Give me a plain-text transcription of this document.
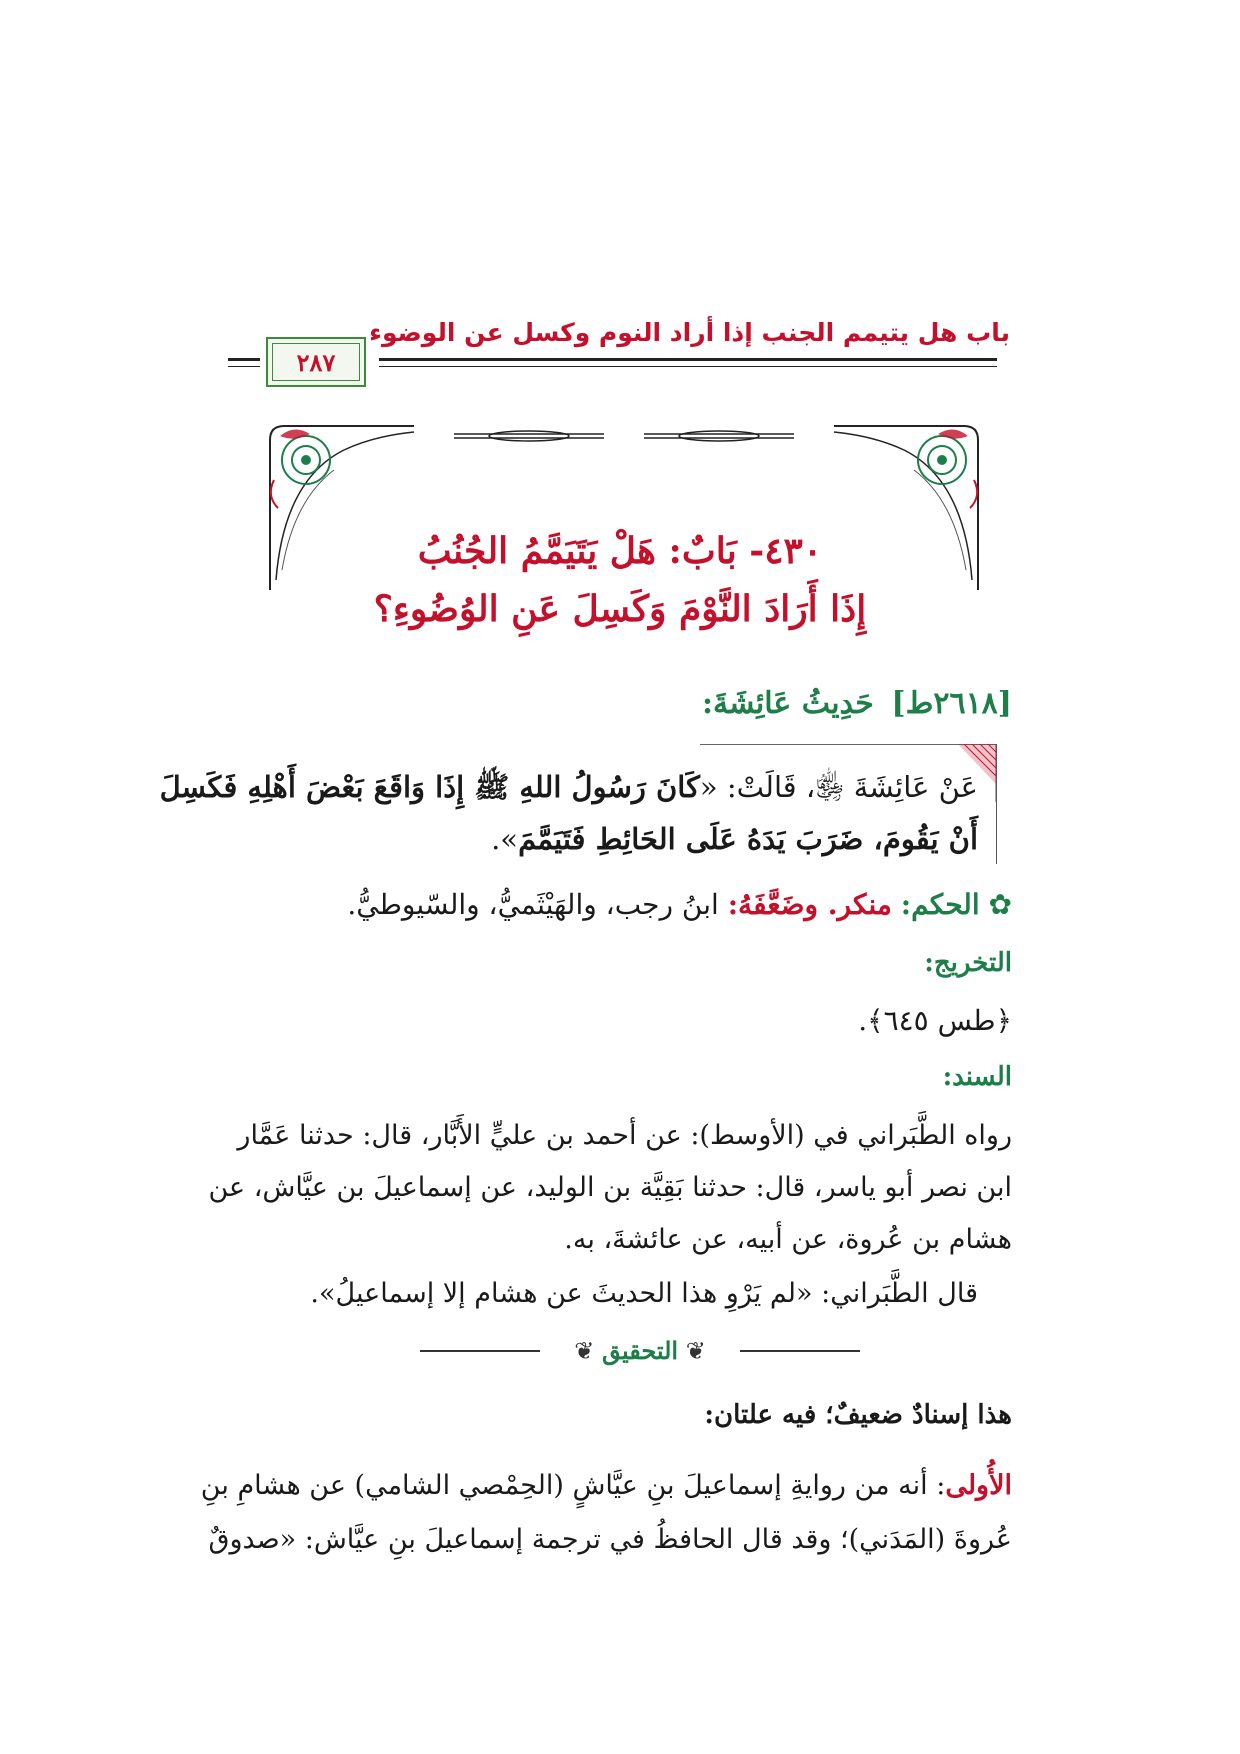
باب هل يتيمم الجنب إذا أراد النوم وكسل عن الوضوء
٢٨٧
٤٣٠- بَابٌ: هَلْ يَتَيَمَّمُ الجُنُبُ
إِذَا أَرَادَ النَّوْمَ وَكَسِلَ عَنِ الوُضُوءِ؟
[٢٦١٨ط] حَدِيثُ عَائِشَةَ:
عَنْ عَائِشَةَ ﵂، قَالَتْ: «كَانَ رَسُولُ اللهِ ﷺ إِذَا وَاقَعَ بَعْضَ أَهْلِهِ فَكَسِلَ
أَنْ يَقُومَ، ضَرَبَ يَدَهُ عَلَى الحَائِطِ فَتَيَمَّمَ».
✿ الحكم: منكر. وضَعَّفَهُ: ابنُ رجب، والهَيْثَميُّ، والسّيوطيُّ.
التخريج:
﴿طس ٦٤٥﴾.
السند:
رواه الطَّبَراني في (الأوسط): عن أحمد بن عليٍّ الأَبَّار، قال: حدثنا عَمَّار
ابن نصر أبو ياسر، قال: حدثنا بَقِيَّة بن الوليد، عن إسماعيلَ بن عيَّاش، عن
هشام بن عُروة، عن أبيه، عن عائشةَ، به.
قال الطَّبَراني: «لم يَرْوِ هذا الحديثَ عن هشام إلا إسماعيلُ».
❦ التحقيق ❦
هذا إسنادٌ ضعيفٌ؛ فيه علتان:
الأُولى: أنه من روايةِ إسماعيلَ بنِ عيَّاشٍ (الحِمْصي الشامي) عن هشامِ بنِ
عُروةَ (المَدَني)؛ وقد قال الحافظُ في ترجمة إسماعيلَ بنِ عيَّاش: «صدوقٌ
